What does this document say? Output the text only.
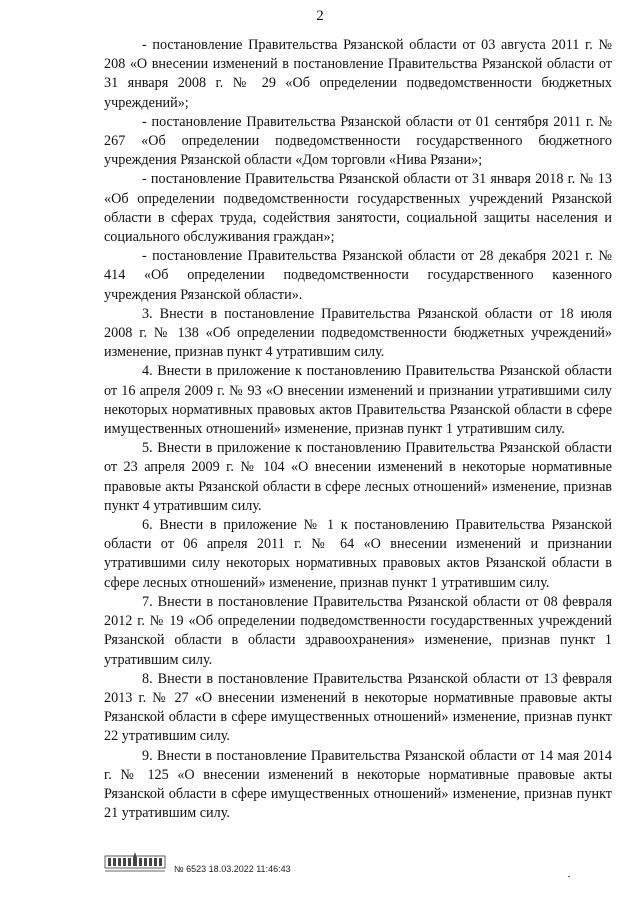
2

- постановление Правительства Рязанской области от 03 августа 2011 г. № 208 «О внесении изменений в постановление Правительства Рязанской области от 31 января 2008 г. № 29 «Об определении подведомственности бюджетных учреждений»;

- постановление Правительства Рязанской области от 01 сентября 2011 г. № 267 «Об определении подведомственности государственного бюджетного учреждения Рязанской области «Дом торговли «Нива Рязани»;

- постановление Правительства Рязанской области от 31 января 2018 г. № 13 «Об определении подведомственности государственных учреждений Рязанской области в сферах труда, содействия занятости, социальной защиты населения и социального обслуживания граждан»;

- постановление Правительства Рязанской области от 28 декабря 2021 г. № 414 «Об определении подведомственности государственного казенного учреждения Рязанской области».

3. Внести в постановление Правительства Рязанской области от 18 июля 2008 г. № 138 «Об определении подведомственности бюджетных учреждений» изменение, признав пункт 4 утратившим силу.

4. Внести в приложение к постановлению Правительства Рязанской области от 16 апреля 2009 г. № 93 «О внесении изменений и признании утратившими силу некоторых нормативных правовых актов Правительства Рязанской области в сфере имущественных отношений» изменение, признав пункт 1 утратившим силу.

5. Внести в приложение к постановлению Правительства Рязанской области от 23 апреля 2009 г. № 104 «О внесении изменений в некоторые нормативные правовые акты Рязанской области в сфере лесных отношений» изменение, признав пункт 4 утратившим силу.

6. Внести в приложение № 1 к постановлению Правительства Рязанской области от 06 апреля 2011 г. № 64 «О внесении изменений и признании утратившими силу некоторых нормативных правовых актов Рязанской области в сфере лесных отношений» изменение, признав пункт 1 утратившим силу.

7. Внести в постановление Правительства Рязанской области от 08 февраля 2012 г. № 19 «Об определении подведомственности государственных учреждений Рязанской области в области здравоохранения» изменение, признав пункт 1 утратившим силу.

8. Внести в постановление Правительства Рязанской области от 13 февраля 2013 г. № 27 «О внесении изменений в некоторые нормативные правовые акты Рязанской области в сфере имущественных отношений» изменение, признав пункт 22 утратившим силу.

9. Внести в постановление Правительства Рязанской области от 14 мая 2014 г. № 125 «О внесении изменений в некоторые нормативные правовые акты Рязанской области в сфере имущественных отношений» изменение, признав пункт 21 утратившим силу.

№ 6523 18.03.2022 11:46:43
